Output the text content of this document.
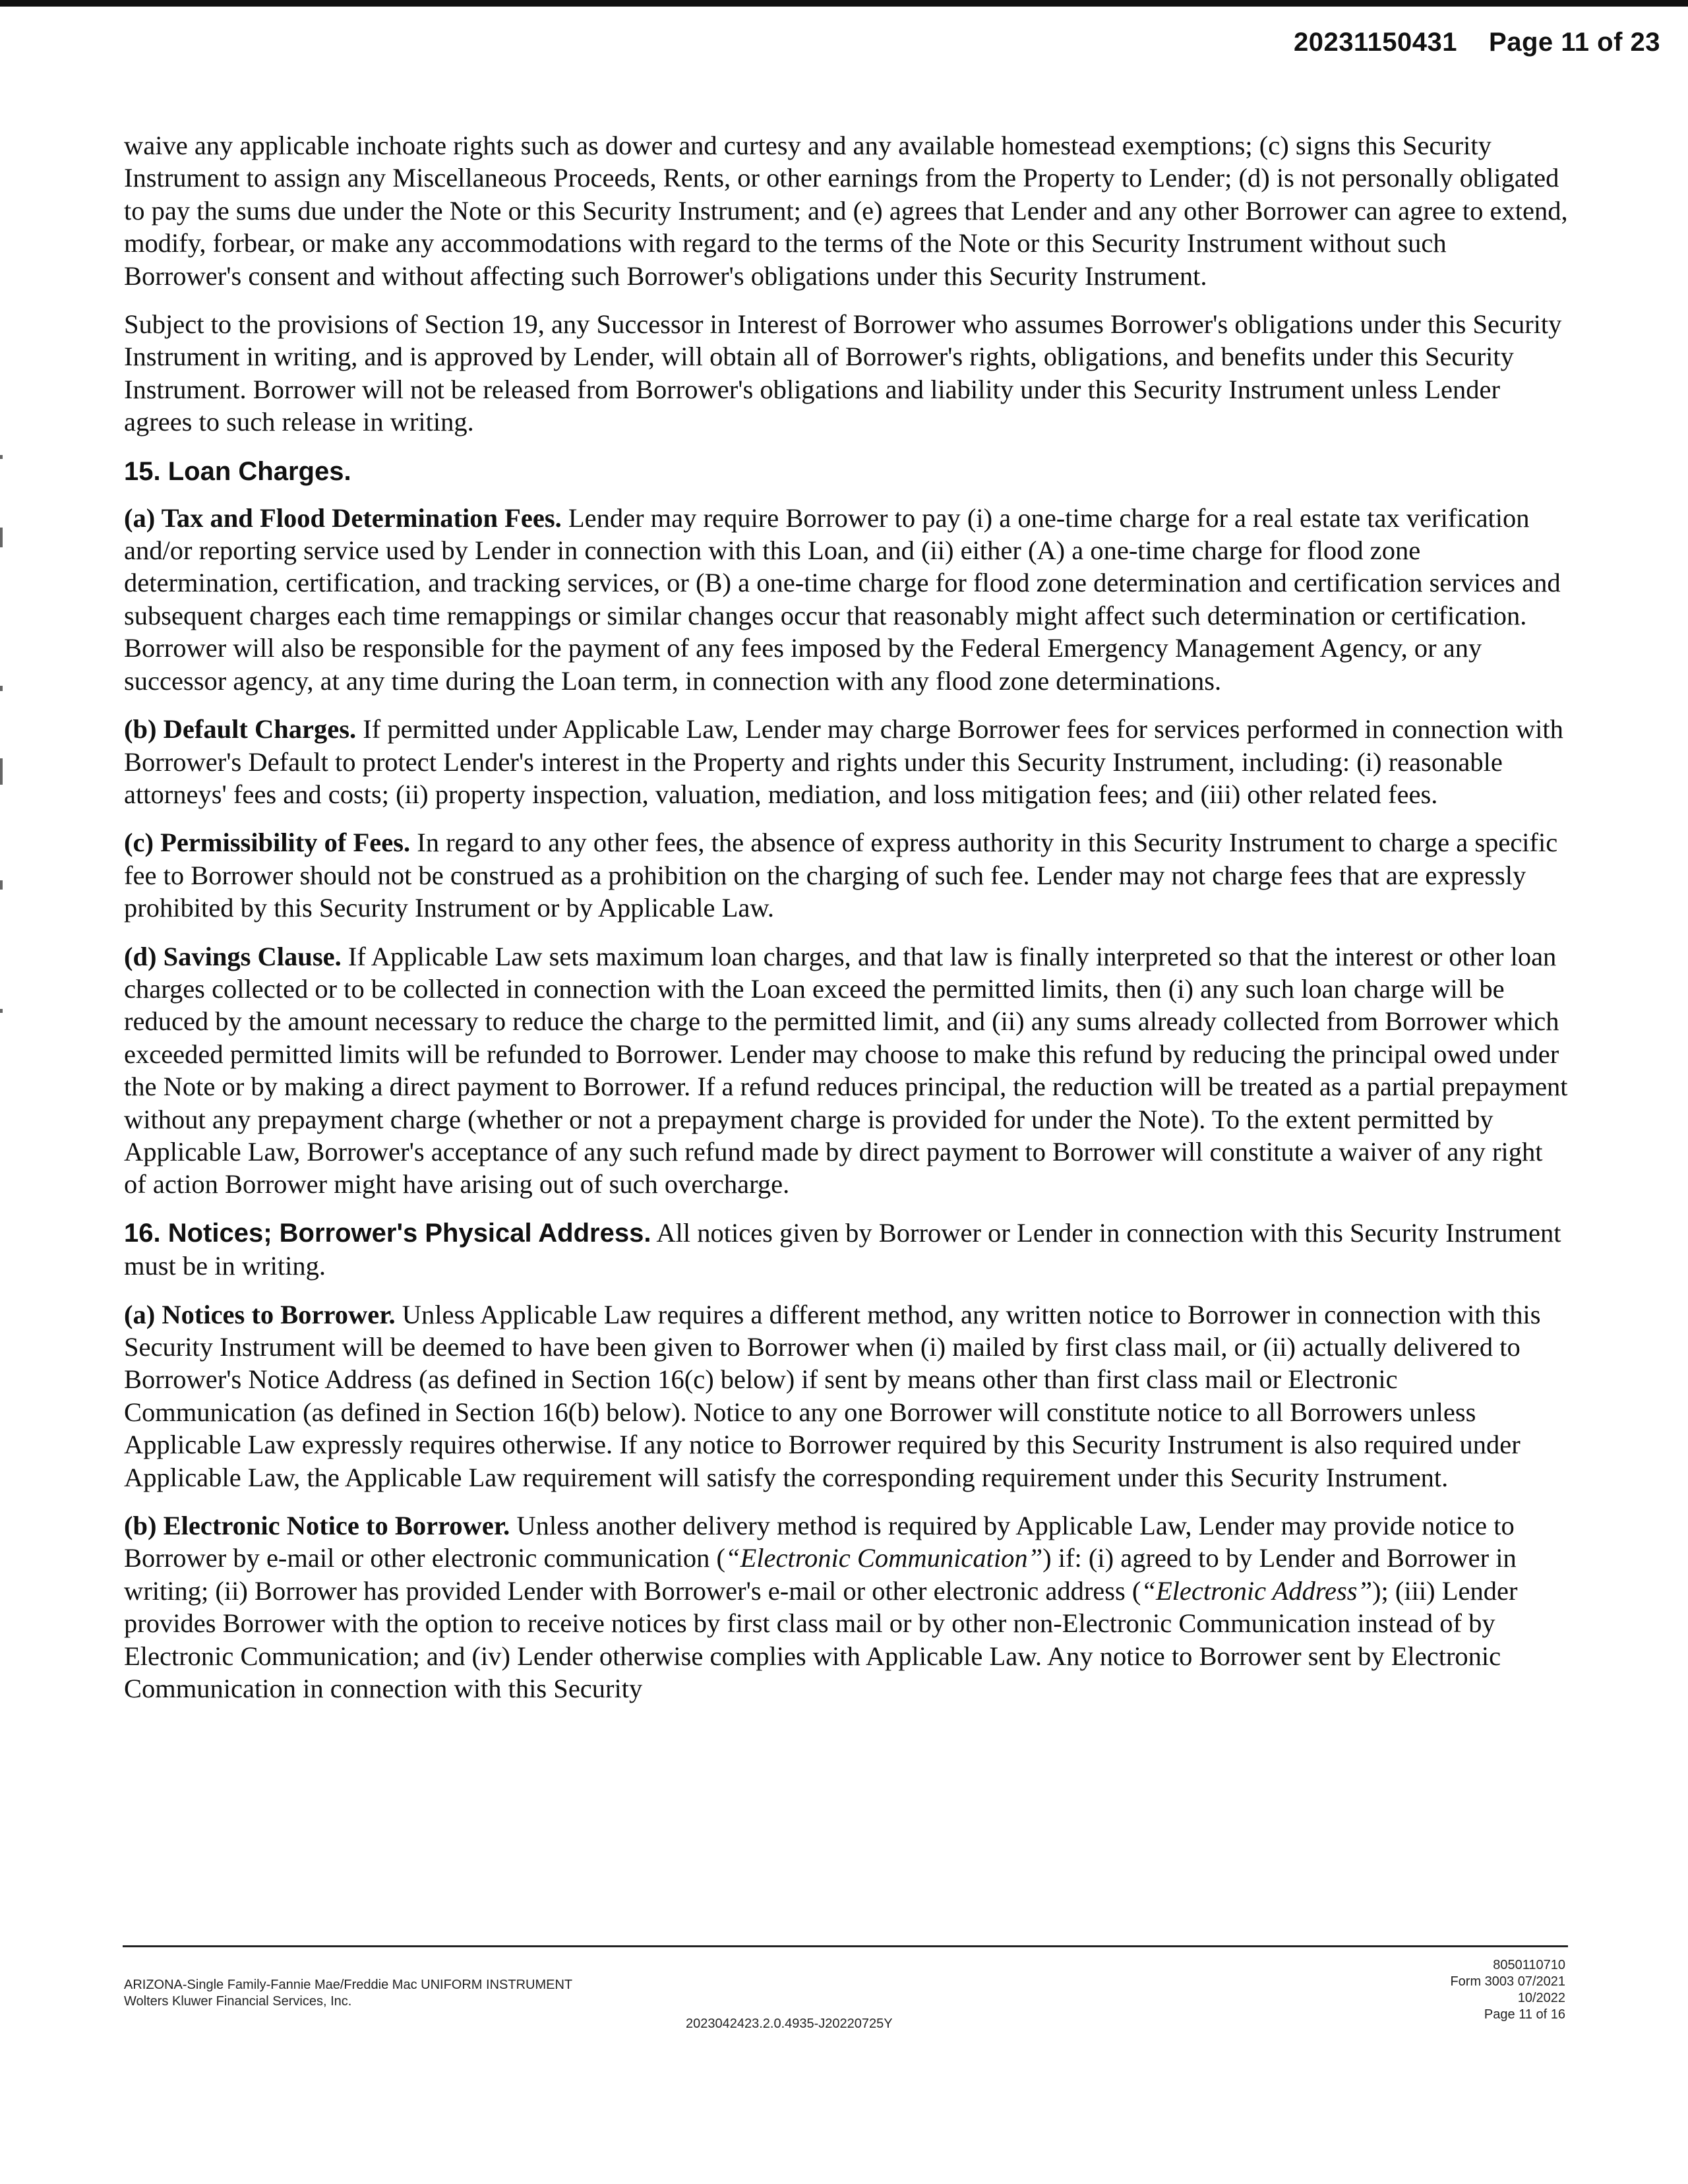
20231150431 Page 11 of 23

waive any applicable inchoate rights such as dower and curtesy and any available homestead exemptions; (c) signs this Security Instrument to assign any Miscellaneous Proceeds, Rents, or other earnings from the Property to Lender; (d) is not personally obligated to pay the sums due under the Note or this Security Instrument; and (e) agrees that Lender and any other Borrower can agree to extend, modify, forbear, or make any accommodations with regard to the terms of the Note or this Security Instrument without such Borrower's consent and without affecting such Borrower's obligations under this Security Instrument.

Subject to the provisions of Section 19, any Successor in Interest of Borrower who assumes Borrower's obligations under this Security Instrument in writing, and is approved by Lender, will obtain all of Borrower's rights, obligations, and benefits under this Security Instrument. Borrower will not be released from Borrower's obligations and liability under this Security Instrument unless Lender agrees to such release in writing.

15. Loan Charges.

(a) Tax and Flood Determination Fees. Lender may require Borrower to pay (i) a one-time charge for a real estate tax verification and/or reporting service used by Lender in connection with this Loan, and (ii) either (A) a one-time charge for flood zone determination, certification, and tracking services, or (B) a one-time charge for flood zone determination and certification services and subsequent charges each time remappings or similar changes occur that reasonably might affect such determination or certification. Borrower will also be responsible for the payment of any fees imposed by the Federal Emergency Management Agency, or any successor agency, at any time during the Loan term, in connection with any flood zone determinations.

(b) Default Charges. If permitted under Applicable Law, Lender may charge Borrower fees for services performed in connection with Borrower's Default to protect Lender's interest in the Property and rights under this Security Instrument, including: (i) reasonable attorneys' fees and costs; (ii) property inspection, valuation, mediation, and loss mitigation fees; and (iii) other related fees.

(c) Permissibility of Fees. In regard to any other fees, the absence of express authority in this Security Instrument to charge a specific fee to Borrower should not be construed as a prohibition on the charging of such fee. Lender may not charge fees that are expressly prohibited by this Security Instrument or by Applicable Law.

(d) Savings Clause. If Applicable Law sets maximum loan charges, and that law is finally interpreted so that the interest or other loan charges collected or to be collected in connection with the Loan exceed the permitted limits, then (i) any such loan charge will be reduced by the amount necessary to reduce the charge to the permitted limit, and (ii) any sums already collected from Borrower which exceeded permitted limits will be refunded to Borrower. Lender may choose to make this refund by reducing the principal owed under the Note or by making a direct payment to Borrower. If a refund reduces principal, the reduction will be treated as a partial prepayment without any prepayment charge (whether or not a prepayment charge is provided for under the Note). To the extent permitted by Applicable Law, Borrower's acceptance of any such refund made by direct payment to Borrower will constitute a waiver of any right of action Borrower might have arising out of such overcharge.

16. Notices; Borrower's Physical Address. All notices given by Borrower or Lender in connection with this Security Instrument must be in writing.

(a) Notices to Borrower. Unless Applicable Law requires a different method, any written notice to Borrower in connection with this Security Instrument will be deemed to have been given to Borrower when (i) mailed by first class mail, or (ii) actually delivered to Borrower's Notice Address (as defined in Section 16(c) below) if sent by means other than first class mail or Electronic Communication (as defined in Section 16(b) below). Notice to any one Borrower will constitute notice to all Borrowers unless Applicable Law expressly requires otherwise. If any notice to Borrower required by this Security Instrument is also required under Applicable Law, the Applicable Law requirement will satisfy the corresponding requirement under this Security Instrument.

(b) Electronic Notice to Borrower. Unless another delivery method is required by Applicable Law, Lender may provide notice to Borrower by e-mail or other electronic communication (“Electronic Communication”) if: (i) agreed to by Lender and Borrower in writing; (ii) Borrower has provided Lender with Borrower's e-mail or other electronic address (“Electronic Address”); (iii) Lender provides Borrower with the option to receive notices by first class mail or by other non-Electronic Communication instead of by Electronic Communication; and (iv) Lender otherwise complies with Applicable Law. Any notice to Borrower sent by Electronic Communication in connection with this Security

ARIZONA-Single Family-Fannie Mae/Freddie Mac UNIFORM INSTRUMENT
Wolters Kluwer Financial Services, Inc.
2023042423.2.0.4935-J20220725Y
8050110710
Form 3003 07/2021
10/2022
Page 11 of 16
